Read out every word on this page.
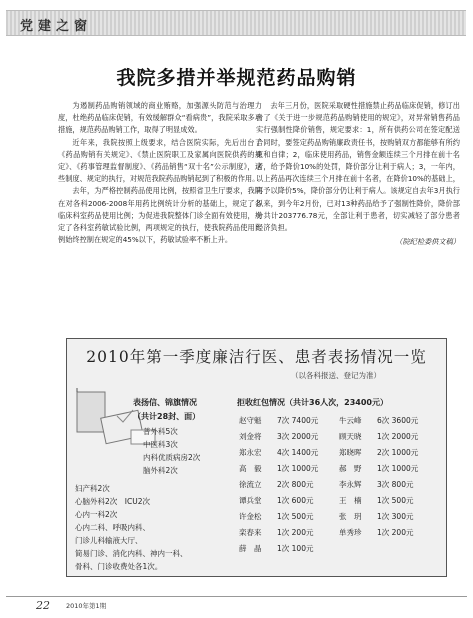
党建之窗
我院多措并举规范药品购销

为遏制药品购销领域的商业贿赂，加强源头防范与治理力度，杜绝药品临床促销，有效缓解群众“看病贵”，我院采取多项措施，规范药品购销工作，取得了明显成效。

近年来，我院按照上级要求，结合医院实际，先后出台了《药品购销有关规定》、《禁止医院职工及家属向医院供药的规定》、《药事管理监督制度》、《药品销售“双十名”公示制度》，这些制度、规定的执行，对规范我院药品购销起到了积极的作用。

去年，为严格控制药品使用比例，按照省卫生厅要求，我院在对各科2006-2008年用药比例统计分析的基础上，规定了各临床科室药品使用比例；为促进我院整体门诊全面有效使用，规定了各科室药敏试验比例，两项规定的执行，使我院药品使用比例始终控制在规定的45%以下，药敏试验率不断上升。

去年三月份，医院采取硬性措施禁止药品临床促销，修订出台了《关于进一步规范药品购销使用的规定》，对异常销售药品实行强制性降价销售，规定要求：1，所有供药公司在签定配送合同时，要签定药品购销廉政责任书，按购销双方都能够有所约束和自律；2，临床使用药品，销售金额连续三个月排在前十名者，给予降价10%的处罚，降价部分让利于病人；3，一年内，以上药品再次连续三个月排在前十名者，在降价10%的基础上，再予以降价5%，降价部分仍让利于病人。该规定自去年3月执行以来，到今年2月份，已对13种药品给予了强制性降价，降价部分共计203776.78元，全部让利于患者，切实减轻了部分患者经济负担。

（院纪检委供文稿）
2010年第一季度廉洁行医、患者表扬情况一览
（以各科报送、登记为准）
表扬信、锦旗情况
（共计28封、面）
普外科5次
中医科3次
内科优质病房2次
脑外科2次
妇产科2次
心脑外科2次　ICU2次
心内一科2次
心内二科、呼吸内科、
门诊儿科输液大厅、
简易门诊、消化内科、神内一科、
骨科、门诊收费处各1次。
拒收红包情况（共计36人次，23400元）
赵守魁 7次 7400元	牛云峰 6次 3600元
刘金将 3次 2000元	顾天晓 1次 2000元
郑永宏 4次 1400元	郑晓晖 2次 1000元
高　毅 1次 1000元	郝　野 1次 1000元
徐流立 2次 800元	李永辉 3次 800元
谭兵堂 1次 600元	王　楠 1次 500元
许金松 1次 500元	张　玥 1次 300元
栾春来 1次 200元	单秀珍 1次 200元
薛　晶 1次 100元
22 2010年第1期
